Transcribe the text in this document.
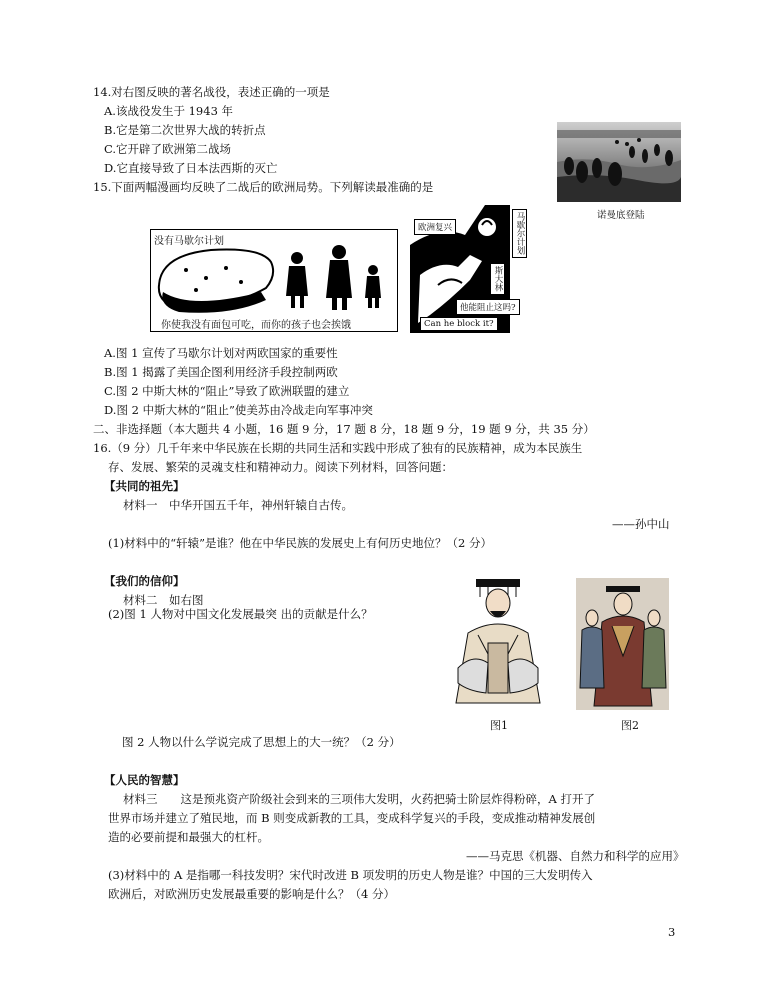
14.对右图反映的著名战役，表述正确的一项是
A.该战役发生于 1943 年
B.它是第二次世界大战的转折点
C.它开辟了欧洲第二战场
D.它直接导致了日本法西斯的灭亡
诺曼底登陆
15.下面两幅漫画均反映了二战后的欧洲局势。下列解读最准确的是
没有马歇尔计划
你使我没有面包可吃，而你的孩子也会挨饿
欧洲复兴	马歇尔计划
斯大林
他能阻止这吗?
Can he block it?
A.图 1 宣传了马歇尔计划对两欧国家的重要性
B.图 1 揭露了美国企图利用经济手段控制两欧
C.图 2 中斯大林的“阻止”导致了欧洲联盟的建立
D.图 2 中斯大林的“阻止”使美苏由冷战走向军事冲突
二、非选择题（本大题共 4 小题，16 题 9 分，17 题 8 分，18 题 9 分，19 题 9 分，共 35 分）
16.（9 分）几千年来中华民族在长期的共同生活和实践中形成了独有的民族精神，成为本民族生
存、发展、繁荣的灵魂支柱和精神动力。阅读下列材料，回答问题：
【共同的祖先】
材料一　中华开国五千年，神州轩辕自古传。
——孙中山
(1)材料中的“轩辕”是谁？他在中华民族的发展史上有何历史地位？（2 分）
【我们的信仰】
材料二　如右图
(2)图 1 人物对中国文化发展最突 出的贡献是什么？
图1	图2
图 2 人物以什么学说完成了思想上的大一统？（2 分）
【人民的智慧】
材料三　　这是预兆资产阶级社会到来的三项伟大发明，火药把骑士阶层炸得粉碎，A 打开了
世界市场并建立了殖民地，而 B 则变成新教的工具，变成科学复兴的手段，变成推动精神发展创
造的必要前提和最强大的杠杆。
——马克思《机器、自然力和科学的应用》
(3)材料中的 A 是指哪一科技发明？宋代时改进 B 项发明的历史人物是谁？中国的三大发明传入
欧洲后，对欧洲历史发展最重要的影响是什么？（4 分）
3
